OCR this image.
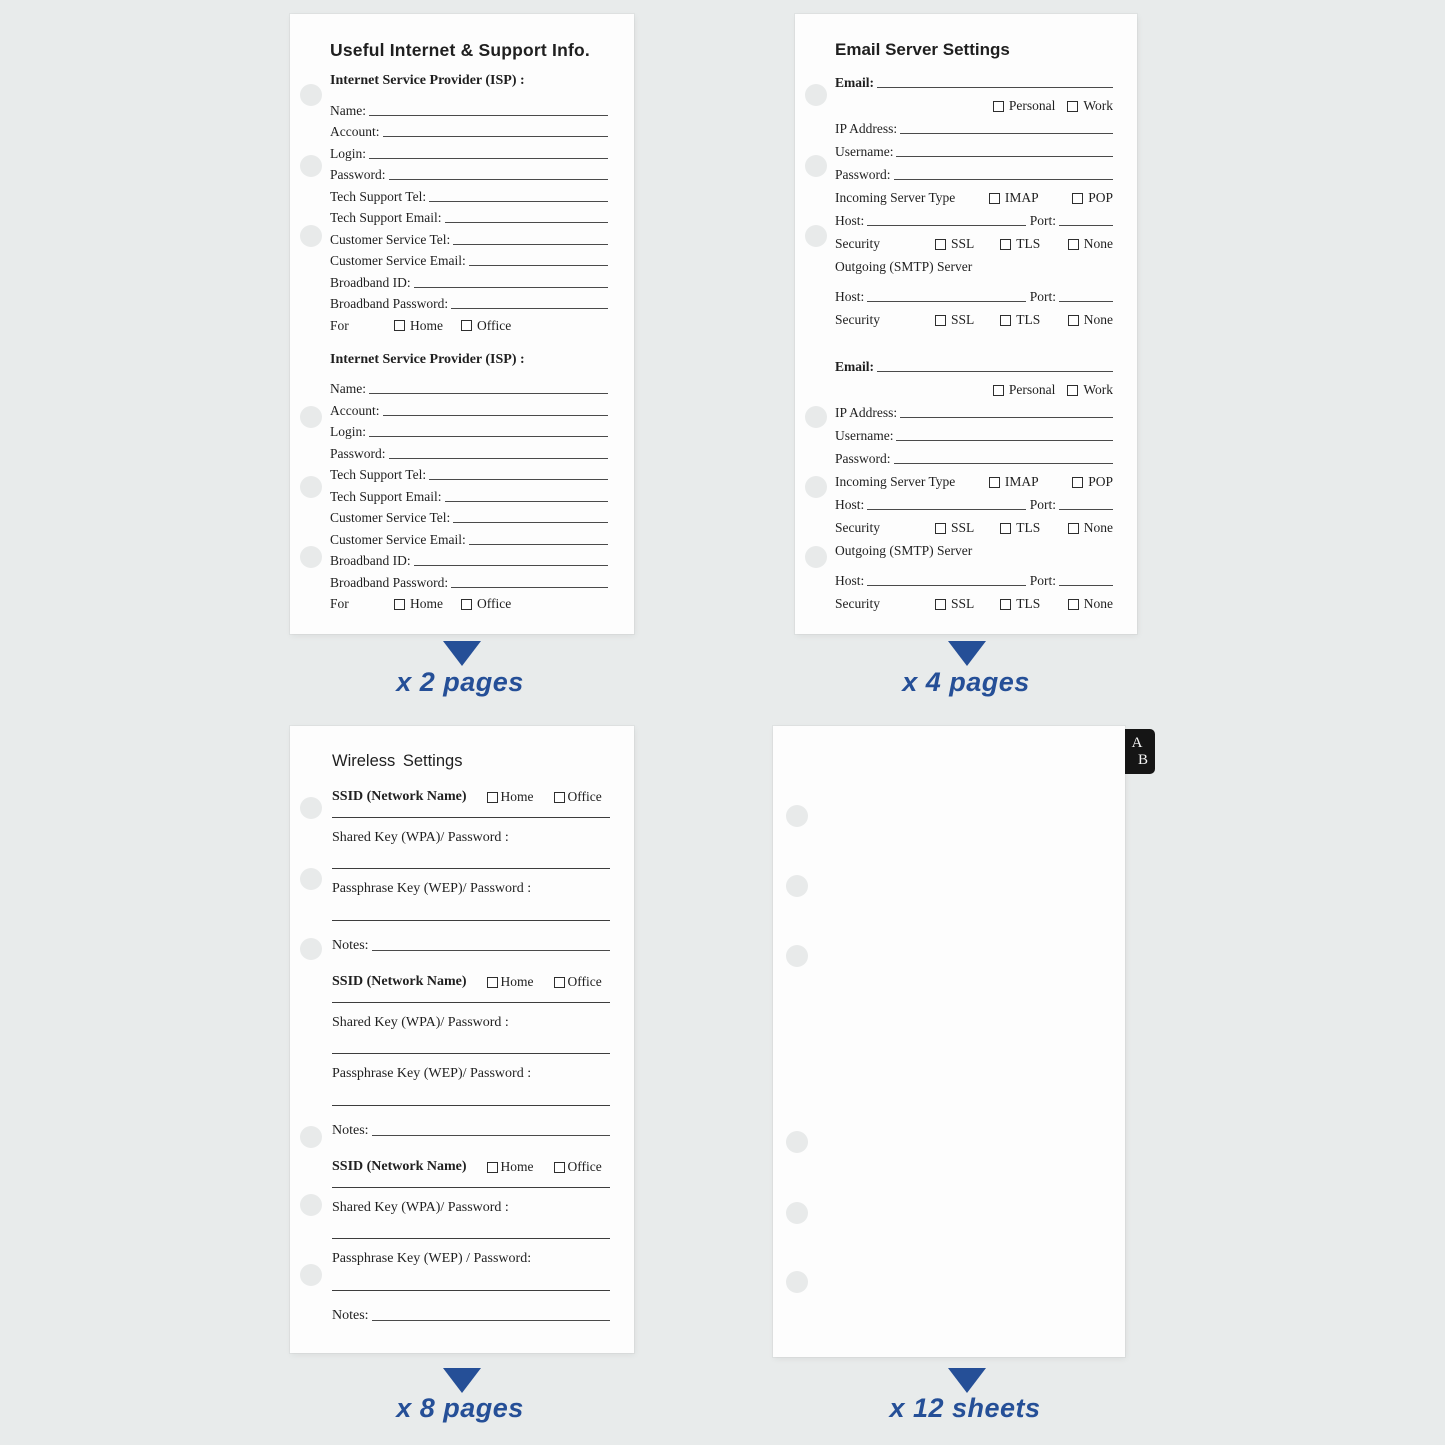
Useful Internet & Support Info.
Internet Service Provider (ISP) :
Name:
Account:
Login:
Password:
Tech Support Tel:
Tech Support Email:
Customer Service Tel:
Customer Service Email:
Broadband ID:
Broadband Password:
For	Home	Office
Internet Service Provider (ISP) :
Name:
Account:
Login:
Password:
Tech Support Tel:
Tech Support Email:
Customer Service Tel:
Customer Service Email:
Broadband ID:
Broadband Password:
For	Home	Office
Email Server Settings
Email:
Personal Work
IP Address:
Username:
Password:
Incoming Server Type	IMAP	POP
Host:	Port:
Security	SSL	TLS	None
Outgoing (SMTP) Server
Host:	Port:
Security	SSL	TLS	None
Email:
Personal Work
IP Address:
Username:
Password:
Incoming Server Type	IMAP	POP
Host:	Port:
Security	SSL	TLS	None
Outgoing (SMTP) Server
Host:	Port:
Security	SSL	TLS	None
Wireless Settings
SSID (Network Name)	Home	Office
Shared Key (WPA)/ Password :
Passphrase Key (WEP)/ Password :
Notes:
SSID (Network Name)	Home	Office
Shared Key (WPA)/ Password :
Passphrase Key (WEP)/ Password :
Notes:
SSID (Network Name)	Home	Office
Shared Key (WPA)/ Password :
Passphrase Key (WEP) / Password:
Notes:
A
B
x 2 pages	x 4 pages
x 8 pages	x 12 sheets
